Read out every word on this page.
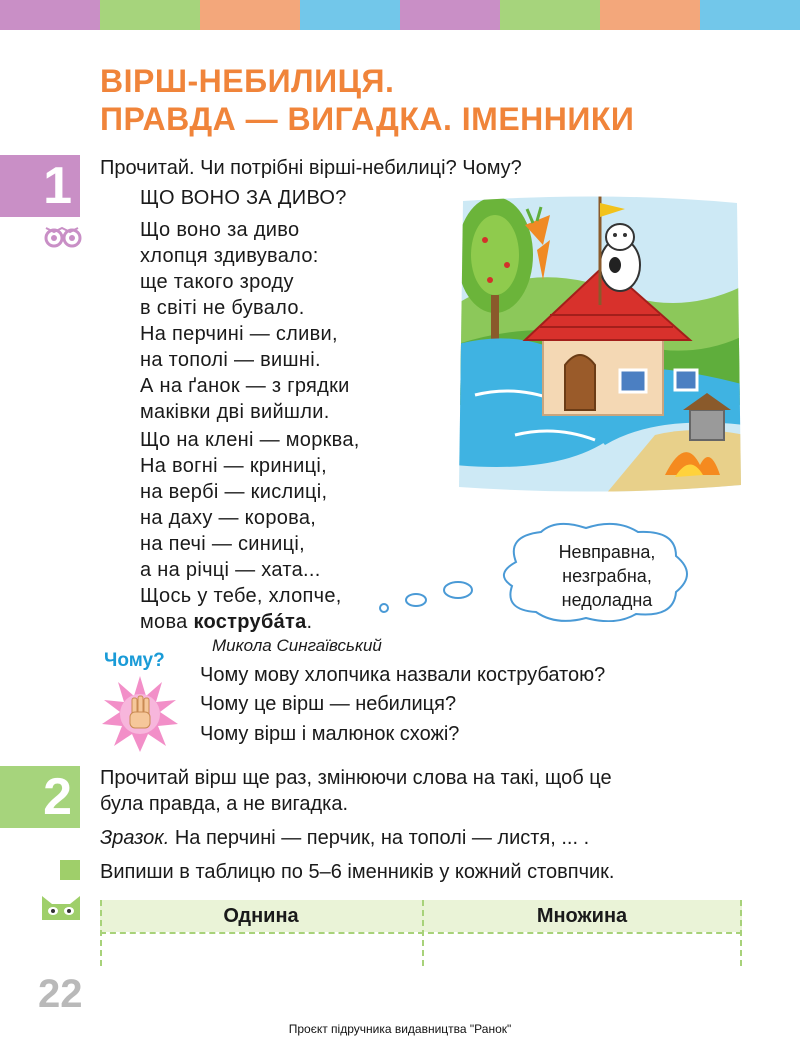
ВІРШ-НЕБИЛИЦЯ.
ПРАВДА — ВИГАДКА. ІМЕННИКИ
1	Прочитай. Чи потрібні вірші-небилиці? Чому?
ЩО ВОНО ЗА ДИВО?
Що воно за диво
хлопця здивувало:
ще такого зроду
в світі не бувало.
На перчині — сливи,
на тополі — вишні.
А на ґанок — з грядки
маківки дві вийшли.
Що на клені — морква,
На вогні — криниці,
на вербі — кислиці,
на даху — корова,
на печі — синиці,
а на річці — хата...
Щось у тебе, хлопче,
мова кострубáта.
Микола Сингаївський
Невправна,
незграбна,
недоладна
Чому?
Чому мову хлопчика назвали кострубатою?
Чому це вірш — небилиця?
Чому вірш і малюнок схожі?
2	Прочитай вірш ще раз, змінюючи слова на такі, щоб це
була правда, а не вигадка.
Зразок. На перчині — перчик, на тополі — листя, ... .
Випиши в таблицю по 5–6 іменників у кожний стовпчик.
Однина	Множина
22
Проєкт підручника видавництва "Ранок"
